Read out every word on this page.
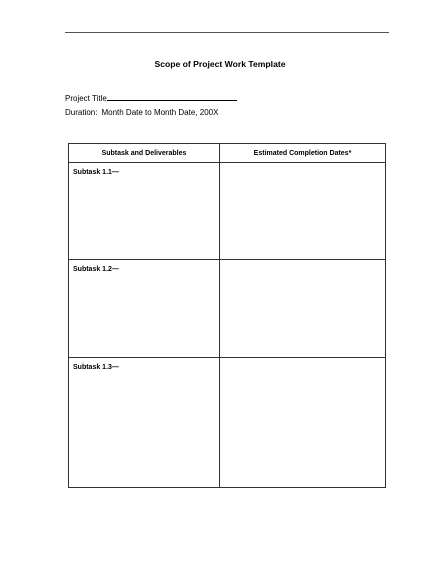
Scope of Project Work Template
Project Title
Duration: Month Date to Month Date, 200X
Subtask and Deliverables	Estimated Completion Dates*

Subtask 1.1—	

Subtask 1.2—	

Subtask 1.3—	
